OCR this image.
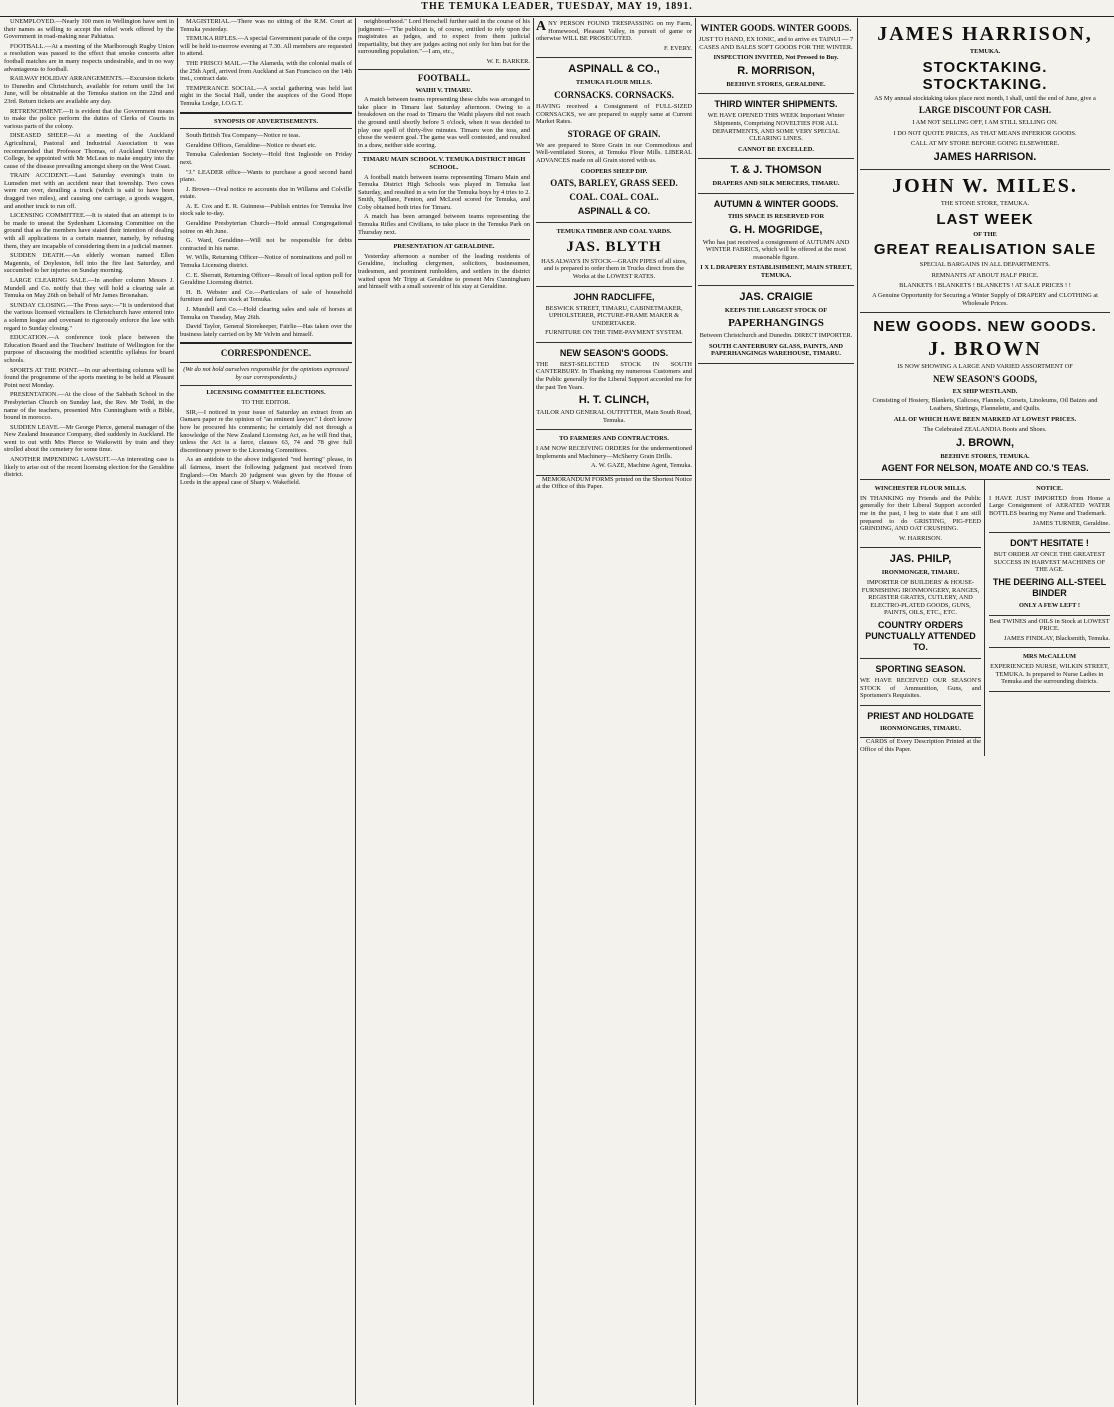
THE TEMUKA LEADER, TUESDAY, MAY 19, 1891.

UNEMPLOYED.—Nearly 100 men in Wellington have sent in their names as willing to accept the relief work offered by the Government in road-making near Pahiatua.

FOOTBALL.—At a meeting of the Marlborough Rugby Union a resolution was passed to the effect that smoke concerts after football matches are in many respects undesirable, and in no way advantageous to football.

RAILWAY HOLIDAY ARRANGEMENTS.—Excursion tickets to Dunedin and Christchurch, available for return until the 1st June, will be obtainable at the Temuka station on the 22nd and 23rd. Return tickets are available any day.

RETRENCHMENT.—It is evident that the Government means to make the police perform the duties of Clerks of Courts in various parts of the colony.

DISEASED SHEEP.—At a meeting of the Auckland Agricultural, Pastoral and Industrial Association it was recommended that Professor Thomas, of Auckland University College, be appointed with Mr McLean to make enquiry into the cause of the disease prevailing amongst sheep on the West Coast.

TRAIN ACCIDENT.—Last Saturday evening's train to Lumsden met with an accident near that township. Two cows were run over, derailing a truck (which is said to have been dragged two miles), and causing one carriage, a goods waggon, and another truck to run off.

LICENSING COMMITTEE.—It is stated that an attempt is to be made to unseat the Sydenham Licensing Committee on the ground that as the members have stated their intention of dealing with all applications in a certain manner, namely, by refusing them, they are incapable of considering them in a judicial manner.

SUDDEN DEATH.—An elderly woman named Ellen Magennis, of Doyleston, fell into the fire last Saturday, and succumbed to her injuries on Sunday morning.

LARGE CLEARING SALE.—In another column Messrs J. Mundell and Co. notify that they will hold a clearing sale at Temuka on May 26th on behalf of Mr James Brosnahan.

SUNDAY CLOSING.—The Press says:—"It is understood that the various licensed victuallers in Christchurch have entered into a solemn league and covenant to rigorously enforce the law with regard to Sunday closing."

EDUCATION.—A conference took place between the Education Board and the Teachers' Institute of Wellington for the purpose of discussing the modified scientific syllabus for board schools.

SPORTS AT THE POINT.—In our advertising columns will be found the programme of the sports meeting to be held at Pleasant Point next Monday.

PRESENTATION.—At the close of the Sabbath School in the Presbyterian Church on Sunday last, the Rev. Mr Todd, in the name of the teachers, presented Mrs Cunningham with a Bible, bound in morocco.

SUDDEN LEAVE.—Mr George Pierce, general manager of the New Zealand Insurance Company, died suddenly in Auckland. He went to out with Mrs Pierce to Waikowiti by train and they strolled about the cemetery for some time.

ANOTHER IMPENDING LAWSUIT.—An interesting case is likely to arise out of the recent licensing election for the Geraldine district.

MAGISTERIAL.—There was no sitting of the R.M. Court at Temuka yesterday.

TEMUKA RIFLES.—A special Government parade of the corps will be held to-morrow evening at 7.30. All members are requested to attend.

THE FRISCO MAIL.—The Alameda, with the colonial mails of the 25th April, arrived from Auckland at San Francisco on the 14th inst., contract date.

TEMPERANCE SOCIAL.—A social gathering was held last night in the Social Hall, under the auspices of the Good Hope Temuka Lodge, I.O.G.T.

SYNOPSIS OF ADVERTISEMENTS.

South British Tea Company—Notice re teas.

Geraldine Offices, Geraldine—Notice re dwart etc.

Temuka Caledonian Society—Hold first Ingleside on Friday next.

"J." LEADER office—Wants to purchase a good second hand piano.

J. Brown—Oval notice re accounts due in Willams and Colville estate.

A. E. Cox and E. R. Guinness—Publish entries for Temuka live stock sale to-day.

Geraldine Presbyterian Church—Hold annual Congregational soiree on 4th June.

G. Ward, Geraldine—Will not be responsible for debts contracted in his name.

W. Wills, Returning Officer—Notice of nominations and poll re Temuka Licensing district.

C. E. Sherratt, Returning Officer—Result of local option poll for Geraldine Licensing district.

H. B. Webster and Co.—Particulars of sale of household furniture and farm stock at Temuka.

J. Mundell and Co.—Hold clearing sales and sale of horses at Temuka on Tuesday, May 26th.

David Taylor, General Storekeeper, Fairlie—Has taken over the business lately carried on by Mr Velvin and himself.

CORRESPONDENCE.

(We do not hold ourselves responsible for the opinions expressed by our correspondents.)

LICENSING COMMITTEE ELECTIONS.
TO THE EDITOR.

SIR,—I noticed in your issue of Saturday an extract from an Oamaru paper re the opinion of "an eminent lawyer." I don't know how he procured his comments; he certainly did not through a knowledge of the New Zealand Licensing Act, as he will find that, unless the Act is a farce, clauses 63, 74 and 78 give full discretionary power to the Licensing Committees.

As an antidote to the above indigested "red herring" please, in all fairness, insert the following judgment just received from England:—On March 20 judgment was given by the House of Lords in the appeal case of Sharp v. Wakefield.

neighbourhood." Lord Herschell further said in the course of his judgment:—"The publican is, of course, entitled to rely upon the magistrates as judges, and to expect from them judicial impartiality, but they are judges acting not only for him but for the surrounding population."—I am, etc.,

W. E. BARKER.

FOOTBALL.
WAIHI V. TIMARU.

A match between teams representing these clubs was arranged to take place in Timaru last Saturday afternoon. Owing to a breakdown on the road to Timaru the Waihi players did not reach the ground until shortly before 5 o'clock, when it was decided to play one spell of thirty-five minutes. Timaru won the toss, and chose the western goal. The game was well contested, and resulted in a draw, neither side scoring.

TIMARU MAIN SCHOOL V. TEMUKA DISTRICT HIGH SCHOOL.

A football match between teams representing Timaru Main and Temuka District High Schools was played in Temuka last Saturday, and resulted in a win for the Temuka boys by 4 tries to 2. Smith, Spillane, Fenton, and McLeod scored for Temuka, and Coby obtained both tries for Timaru.

A match has been arranged between teams representing the Temuka Rifles and Civilians, to take place in the Temuka Park on Thursday next.

PRESENTATION AT GERALDINE.

Yesterday afternoon a number of the leading residents of Geraldine, including clergymen, solicitors, businessmen, tradesmen, and prominent runholders, and settlers in the district waited upon Mr Tripp at Geraldine to present Mrs Cunningham and himself with a small souvenir of his stay at Geraldine.

ANY PERSON FOUND TRESPASSING on my Farm, Homewood, Pleasant Valley, in pursuit of game or otherwise WILL BE PROSECUTED.

F. EVERY.

ASPINALL & CO.,
TEMUKA FLOUR MILLS.
CORNSACKS. CORNSACKS.

HAVING received a Consignment of FULL-SIZED CORNSACKS, we are prepared to supply same at Current Market Rates.

STORAGE OF GRAIN.

We are prepared to Store Grain in our Commodious and Well-ventilated Stores, at Temuka Flour Mills. LIBERAL ADVANCES made on all Grain stored with us.

COOPERS SHEEP DIP.
OATS, BARLEY, GRASS SEED.
COAL. COAL. COAL.
ASPINALL & CO.
TEMUKA TIMBER AND COAL YARDS.
JAS. BLYTH

HAS ALWAYS IN STOCK—GRAIN PIPES of all sizes, and is prepared to order them in Trucks direct from the Works at the LOWEST RATES.

JOHN RADCLIFFE,

BESWICK STREET, TIMARU, CABINETMAKER, UPHOLSTERER, PICTURE-FRAME MAKER & UNDERTAKER.

FURNITURE ON THE TIME-PAYMENT SYSTEM.

NEW SEASON'S GOODS.

THE BEST-SELECTED STOCK IN SOUTH CANTERBURY. In Thanking my numerous Customers and the Public generally for the Liberal Support accorded me for the past Ten Years.

H. T. CLINCH,

TAILOR AND GENERAL OUTFITTER, Main South Road, Temuka.

TO FARMERS AND CONTRACTORS.

I AM NOW RECEIVING ORDERS for the undermentioned Implements and Machinery—McSherry Grain Drills.

A. W. GAZE, Machine Agent, Temuka.

MEMORANDUM FORMS printed on the Shortest Notice at the Office of this Paper.

WINTER GOODS. WINTER GOODS.

JUST TO HAND, EX IONIC, and to arrive ex TAINUI — 7 CASES AND BALES SOFT GOODS FOR THE WINTER.

INSPECTION INVITED, Not Pressed to Buy.
R. MORRISON,
BEEHIVE STORES, GERALDINE.
THIRD WINTER SHIPMENTS.

WE HAVE OPENED THIS WEEK Important Winter Shipments, Comprising NOVELTIES FOR ALL DEPARTMENTS, AND SOME VERY SPECIAL CLEARING LINES.

CANNOT BE EXCELLED.
T. & J. THOMSON
DRAPERS AND SILK MERCERS, TIMARU.
AUTUMN & WINTER GOODS.
THIS SPACE IS RESERVED FOR
G. H. MOGRIDGE,

Who has just received a consignment of AUTUMN AND WINTER FABRICS, which will be offered at the most reasonable figure.

I X L DRAPERY ESTABLISHMENT, MAIN STREET, TEMUKA.
JAS. CRAIGIE
KEEPS THE LARGEST STOCK OF
PAPERHANGINGS

Between Christchurch and Dunedin. DIRECT IMPORTER.

SOUTH CANTERBURY GLASS, PAINTS, AND PAPERHANGINGS WAREHOUSE, TIMARU.
JAMES HARRISON,
TEMUKA.
STOCKTAKING. STOCKTAKING.

AS My annual stocktaking takes place next month, I shall, until the end of June, give a

LARGE DISCOUNT FOR CASH.
I AM NOT SELLING OFF, I AM STILL SELLING ON.
I DO NOT QUOTE PRICES, AS THAT MEANS INFERIOR GOODS.
CALL AT MY STORE BEFORE GOING ELSEWHERE.
JAMES HARRISON.
JOHN W. MILES.
THE STONE STORE, TEMUKA.
LAST WEEK
OF THE
GREAT REALISATION SALE
SPECIAL BARGAINS IN ALL DEPARTMENTS.
REMNANTS AT ABOUT HALF PRICE.
BLANKETS ! BLANKETS ! BLANKETS ! AT SALE PRICES ! !

A Genuine Opportunity for Securing a Winter Supply of DRAPERY and CLOTHING at Wholesale Prices.

NEW GOODS. NEW GOODS.
J. BROWN
IS NOW SHOWING A LARGE AND VARIED ASSORTMENT OF
NEW SEASON'S GOODS,
EX SHIP WESTLAND.

Consisting of Hosiery, Blankets, Calicoes, Flannels, Corsets, Linoleums, Oil Baizes and Leathers, Shirtings, Flannelette, and Quilts.

ALL OF WHICH HAVE BEEN MARKED AT LOWEST PRICES.
The Celebrated ZEALANDIA Boots and Shoes.
J. BROWN,
BEEHIVE STORES, TEMUKA.
AGENT FOR NELSON, MOATE AND CO.'S TEAS.
WINCHESTER FLOUR MILLS.

IN THANKING my Friends and the Public generally for their Liberal Support accorded me in the past, I beg to state that I am still prepared to do GRISTING, PIG-FEED GRINDING, AND OAT CRUSHING.

W. HARRISON.

JAS. PHILP,
IRONMONGER, TIMARU.

IMPORTER OF BUILDERS' & HOUSE-FURNISHING IRONMONGERY, RANGES, REGISTER GRATES, CUTLERY, AND ELECTRO-PLATED GOODS, GUNS, PAINTS, OILS, ETC., ETC.

COUNTRY ORDERS PUNCTUALLY ATTENDED TO.
SPORTING SEASON.

WE HAVE RECEIVED OUR SEASON'S STOCK of Ammunition, Guns, and Sportsmen's Requisites.

PRIEST AND HOLDGATE
IRONMONGERS, TIMARU.

CARDS of Every Description Printed at the Office of this Paper.

NOTICE.

I HAVE JUST IMPORTED from Home a Large Consignment of AERATED WATER BOTTLES bearing my Name and Trademark.

JAMES TURNER, Geraldine.

DON'T HESITATE !

BUT ORDER AT ONCE THE GREATEST SUCCESS IN HARVEST MACHINES OF THE AGE.

THE DEERING ALL-STEEL BINDER
ONLY A FEW LEFT !

Best TWINES and OILS in Stock at LOWEST PRICE.

JAMES FINDLAY, Blacksmith, Temuka.

MRS McCALLUM

EXPERIENCED NURSE, WILKIN STREET, TEMUKA. Is prepared to Nurse Ladies in Temuka and the surrounding districts.
